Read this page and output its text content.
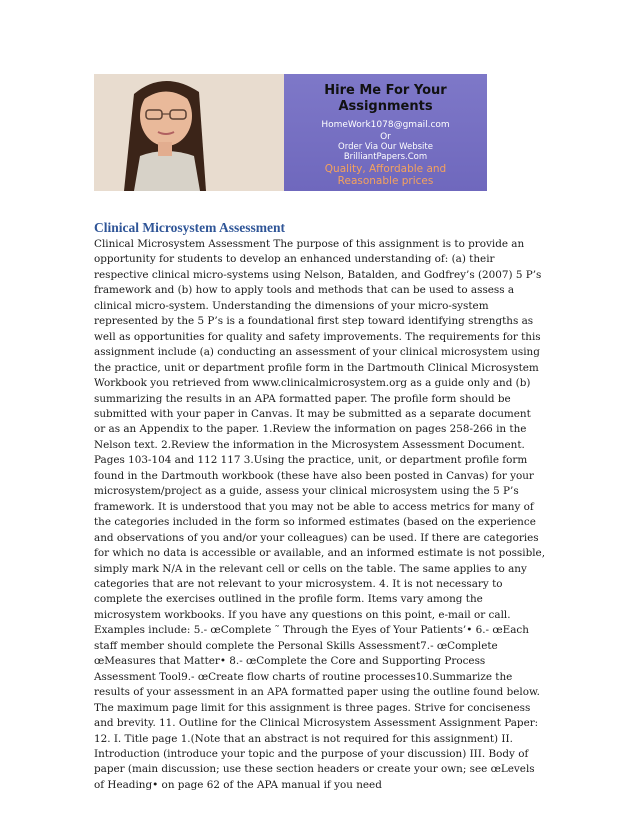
Hire Me For Your
Assignments
HomeWork1078@gmail.com
Or
Order Via Our Website
BrilliantPapers.Com
Quality, Affordable and
Reasonable prices
Clinical Microsystem Assessment

Clinical Microsystem Assessment The purpose of this assignment is to provide an opportunity for students to develop an enhanced understanding of: (a) their respective clinical micro-systems using Nelson, Batalden, and Godfrey’s (2007) 5 P’s framework and (b) how to apply tools and methods that can be used to assess a clinical micro-system. Understanding the dimensions of your micro-system represented by the 5 P’s is a foundational first step toward identifying strengths as well as opportunities for quality and safety improvements. The requirements for this assignment include (a) conducting an assessment of your clinical microsystem using the practice, unit or department profile form in the Dartmouth Clinical Microsystem Workbook you retrieved from www.clinicalmicrosystem.org as a guide only and (b) summarizing the results in an APA formatted paper. The profile form should be submitted with your paper in Canvas. It may be submitted as a separate document or as an Appendix to the paper. 1.Review the information on pages 258-266 in the Nelson text. 2.Review the information in the Microsystem Assessment Document. Pages 103-104 and 112 117 3.Using the practice, unit, or department profile form found in the Dartmouth workbook (these have also been posted in Canvas) for your microsystem/project as a guide, assess your clinical microsystem using the 5 P’s framework. It is understood that you may not be able to access metrics for many of the categories included in the form so informed estimates (based on the experience and observations of you and/or your colleagues) can be used. If there are categories for which no data is accessible or available, and an informed estimate is not possible, simply mark N/A in the relevant cell or cells on the table. The same applies to any categories that are not relevant to your microsystem. 4. It is not necessary to complete the exercises outlined in the profile form. Items vary among the microsystem workbooks. If you have any questions on this point, e-mail or call. Examples include: 5.- œComplete ˜ Through the Eyes of Your Patients’• 6.- œEach staff member should complete the Personal Skills Assessment7.- œComplete œMeasures that Matter• 8.- œComplete the Core and Supporting Process Assessment Tool9.- œCreate flow charts of routine processes10.Summarize the results of your assessment in an APA formatted paper using the outline found below. The maximum page limit for this assignment is three pages. Strive for conciseness and brevity. 11. Outline for the Clinical Microsystem Assessment Assignment Paper: 12. I. Title page 1.(Note that an abstract is not required for this assignment) II. Introduction (introduce your topic and the purpose of your discussion) III. Body of paper (main discussion; use these section headers or create your own; see œLevels of Heading• on page 62 of the APA manual if you need
